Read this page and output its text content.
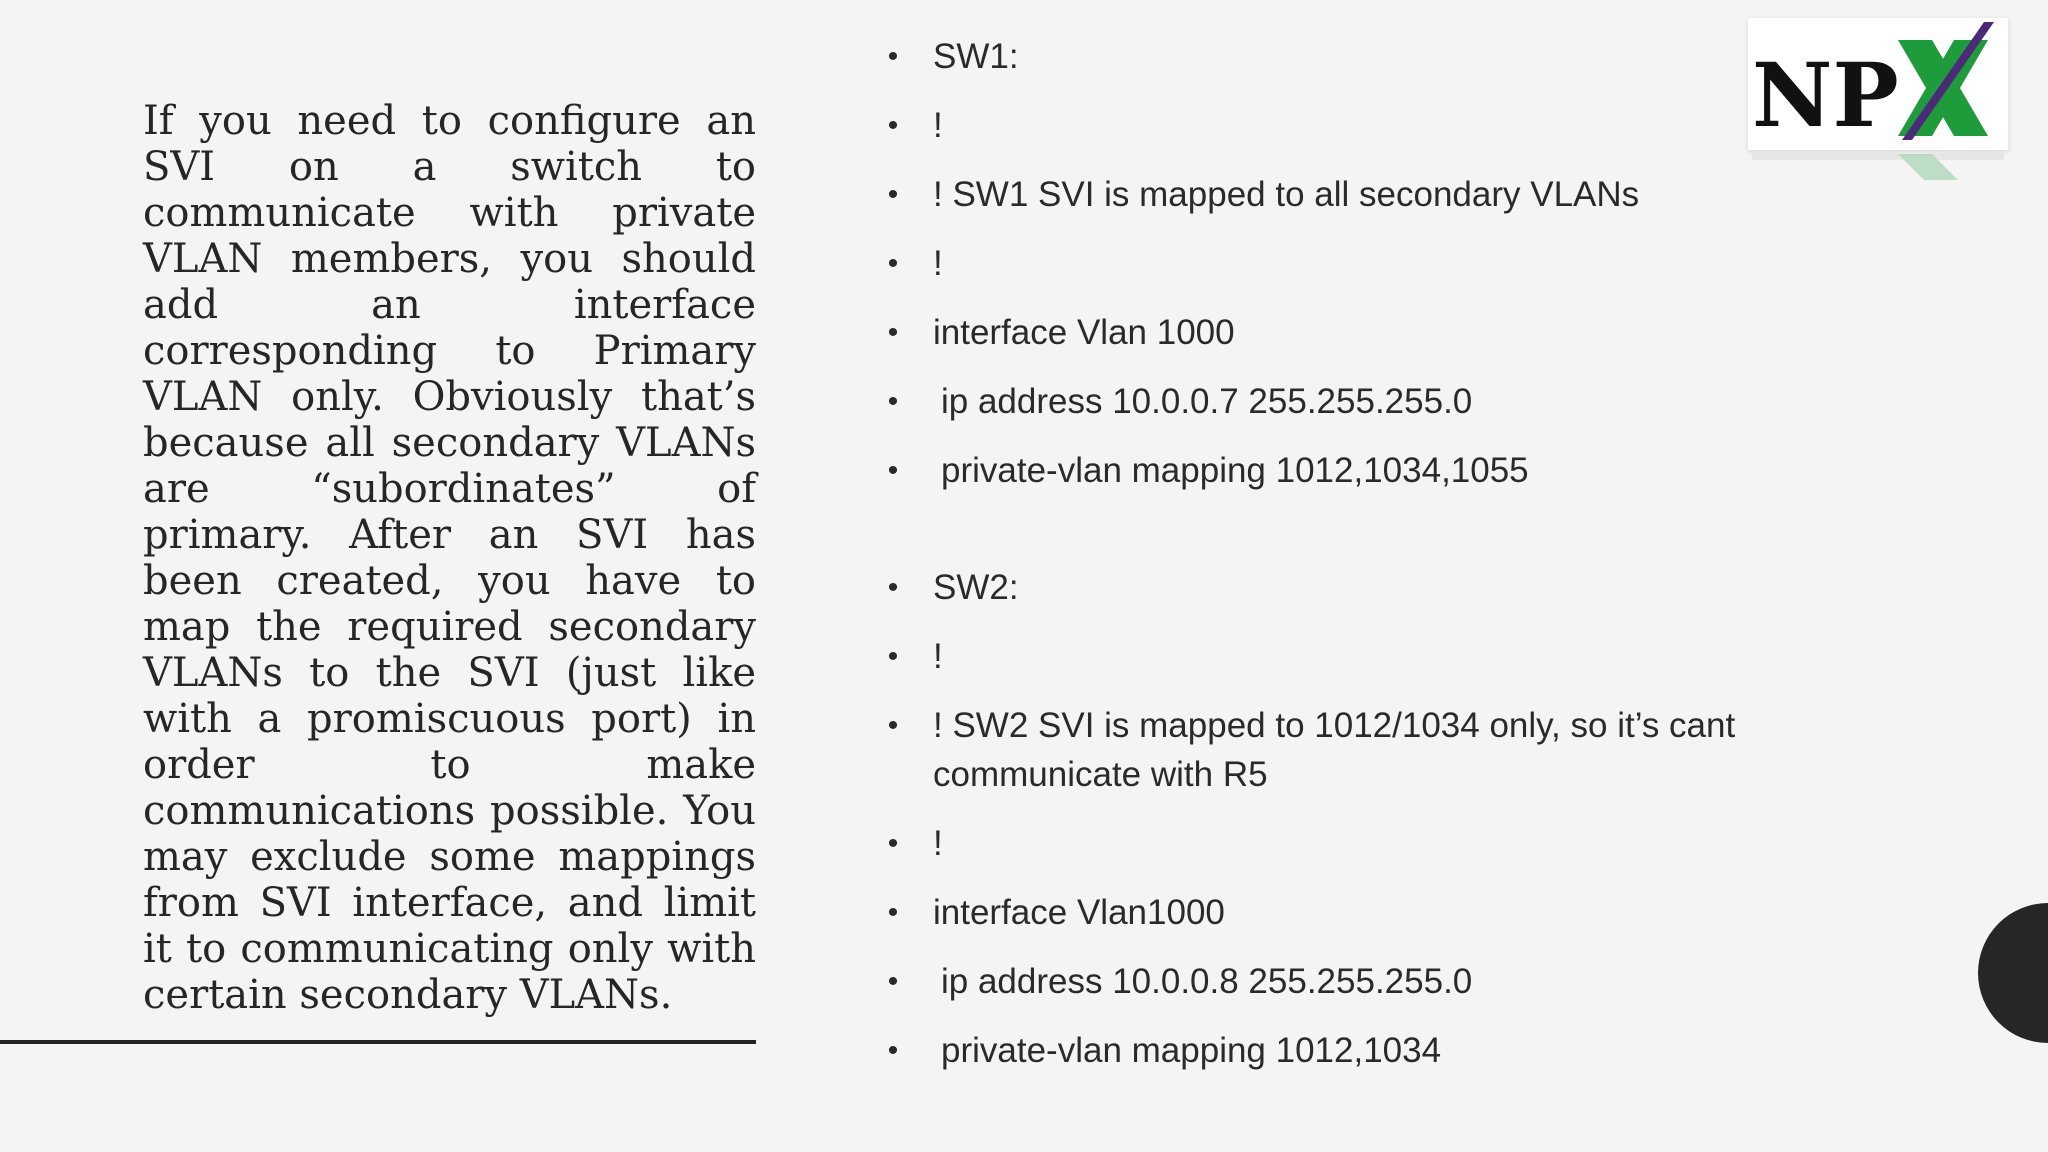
If you need to configure an SVI on a switch to communicate with private VLAN members, you should add an interface corresponding to Primary VLAN only. Obviously that’s because all secondary VLANs are “subordinates” of primary. After an SVI has been created, you have to map the required secondary VLANs to the SVI (just like with a promiscuous port) in order to make communications possible. You may exclude some mappings from SVI interface, and limit it to communicating only with certain secondary VLANs.

• SW1:
• !
• ! SW1 SVI is mapped to all secondary VLANs
• !
• interface Vlan 1000
• ip address 10.0.0.7 255.255.255.0
• private-vlan mapping 1012,1034,1055
• SW2:
• !
• ! SW2 SVI is mapped to 1012/1034 only, so it’s cant communicate with R5
• !
• interface Vlan1000
• ip address 10.0.0.8 255.255.255.0
• private-vlan mapping 1012,1034
NP
